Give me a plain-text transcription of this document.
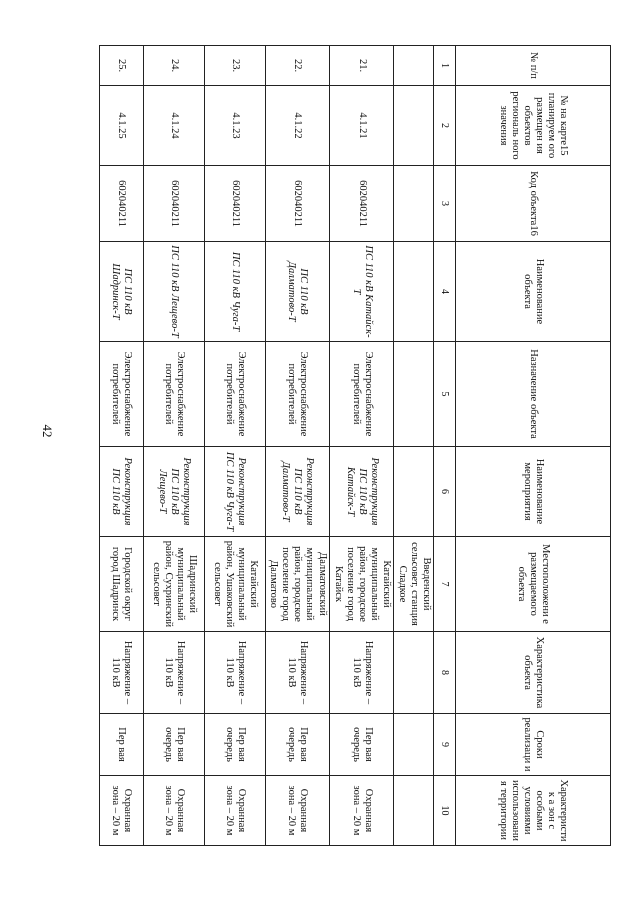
42
№ п/п	№ на карте15 планируем ого размещен ия объектов региональ ного значения	Код объекта16	Наименование объекта	Назначение объекта	Наименование мероприятия	Местоположени е размещаемого объекта	Характеристика объекта	Сроки реализаци и	Характеристик а зон с особыми условиями использования территории
1	2	3	4	5	6	7	8	9	10
						Введенский сельсовет, станция Сладкое			
21.	4.1.21	602040211	ПС 110 кВ Катайск-Т	Электроснабжение потребителей	Реконструкция ПС 110 кВ Катайск-Т	Катайский муниципальный район, городское поселение город Катайск	Напряжение – 110 кВ	Пер вая очередь	Охранная зона – 20 м
22.	4.1.22	602040211	ПС 110 кВ Далматово-Т	Электроснабжение потребителей	Реконструкция ПС 110 кВ Далматово-Т	Далматовский муниципальный район, городское поселение город Далматово	Напряжение – 110 кВ	Пер вая очередь	Охранная зона – 20 м
23.	4.1.23	602040211	ПС 110 кВ Чуга-Т	Электроснабжение потребителей	Реконструкция ПС 110 кВ Чуга-Т	Катайский муниципальный район, Ушаковский сельсовет	Напряжение – 110 кВ	Пер вая очередь	Охранная зона – 20 м
24.	4.1.24	602040211	ПС 110 кВ Лещево-Т	Электроснабжение потребителей	Реконструкция ПС 110 кВ Лещево-Т	Шадринский муниципальный район, Сухринский сельсовет	Напряжение – 110 кВ	Пер вая очередь	Охранная зона – 20 м
25.	4.1.25	602040211	ПС 110 кВ Шадринск-Т	Электроснабжение потребителей	Реконструкция ПС 110 кВ	Городской округ город Шадринск	Напряжение – 110 кВ	Пер вая	Охранная зона – 20 м
